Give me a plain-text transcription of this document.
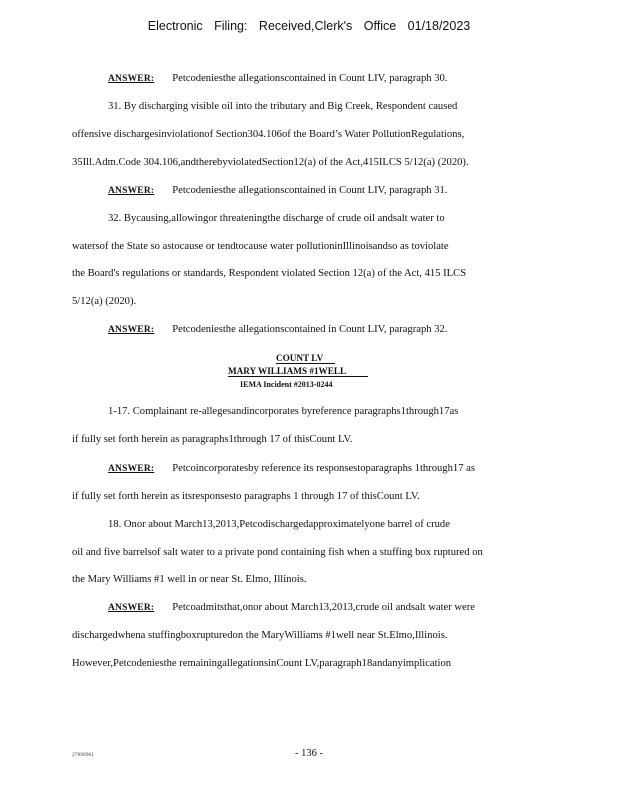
Electronic Filing: Received,Clerk's Office 01/18/2023
ANSWER: Petcodeniesthe allegationscontained in Count LIV, paragraph 30.
31. By discharging visible oil into the tributary and Big Creek, Respondent caused
offensive dischargesinviolationof Section304.106of the Board’s Water PollutionRegulations,
35Ill.Adm.Code 304.106,andtherebyviolatedSection12(a) of the Act,415ILCS 5/12(a) (2020).
ANSWER: Petcodeniesthe allegationscontained in Count LIV, paragraph 31.
32. Bycausing,allowingor threateningthe discharge of crude oil andsalt water to
watersof the State so astocause or tendtocause water pollutioninIllinoisandso as toviolate
the Board's regulations or standards, Respondent violated Section 12(a) of the Act, 415 ILCS
5/12(a) (2020).
ANSWER: Petcodeniesthe allegationscontained in Count LIV, paragraph 32.
COUNT LV
MARY WILLIAMS #1WELL
IEMA Incident #2013-0244
1-17. Complainant re-allegesandincorporates byreference paragraphs1through17as
if fully set forth herein as paragraphs1through 17 of thisCount LV.
ANSWER: Petcoincorporatesby reference its responsestoparagraphs 1through17 as
if fully set forth herein as itsresponsesto paragraphs 1 through 17 of thisCount LV.
18. Onor about March13,2013,Petcodischargedapproximatelyone barrel of crude
oil and five barrelsof salt water to a private pond containing fish when a stuffing box ruptured on
the Mary Williams #1 well in or near St. Elmo, Illinois.
ANSWER: Petcoadmitsthat,onor about March13,2013,crude oil andsalt water were
dischargedwhena stuffingboxrupturedon the MaryWilliams #1well near St.Elmo,Illinois.
However,Petcodeniesthe remainingallegationsinCount LV,paragraph18andanyimplication
27890961	- 136 -
